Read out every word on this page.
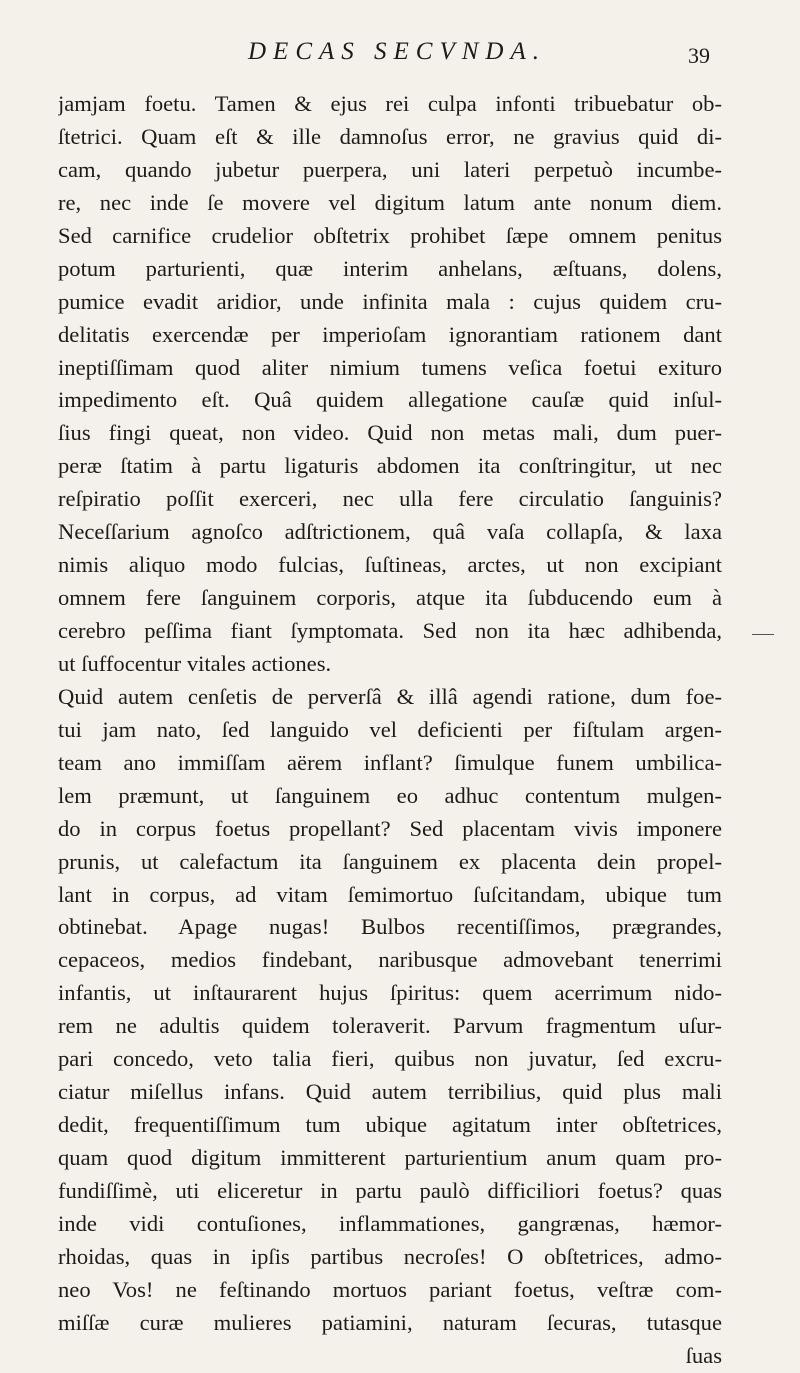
DECAS SECVNDA.	39
jamjam foetu. Tamen & ejus rei culpa infonti tribuebatur ob-
ſtetrici. Quam eſt & ille damnoſus error, ne gravius quid di-
cam, quando jubetur puerpera, uni lateri perpetuò incumbe-
re, nec inde ſe movere vel digitum latum ante nonum diem.
Sed carnifice crudelior obſtetrix prohibet ſæpe omnem penitus
potum parturienti, quæ interim anhelans, æſtuans, dolens,
pumice evadit aridior, unde infinita mala : cujus quidem cru-
delitatis exercendæ per imperioſam ignorantiam rationem dant
ineptiſſimam quod aliter nimium tumens veſica foetui exituro
impedimento eſt. Quâ quidem allegatione cauſæ quid inſul-
ſius fingi queat, non video. Quid non metas mali, dum puer-
peræ ſtatim à partu ligaturis abdomen ita conſtringitur, ut nec
reſpiratio poſſit exerceri, nec ulla fere circulatio ſanguinis?
Neceſſarium agnoſco adſtrictionem, quâ vaſa collapſa, & laxa
nimis aliquo modo fulcias, ſuſtineas, arctes, ut non excipiant
omnem fere ſanguinem corporis, atque ita ſubducendo eum à
cerebro peſſima fiant ſymptomata. Sed non ita hæc adhibenda,
ut ſuffocentur vitales actiones.
Quid autem cenſetis de perverſâ & illâ agendi ratione, dum foe-
tui jam nato, ſed languido vel deficienti per fiſtulam argen-
team ano immiſſam aërem inflant? ſimulque funem umbilica-
lem præmunt, ut ſanguinem eo adhuc contentum mulgen-
do in corpus foetus propellant? Sed placentam vivis imponere
prunis, ut calefactum ita ſanguinem ex placenta dein propel-
lant in corpus, ad vitam ſemimortuo ſuſcitandam, ubique tum
obtinebat. Apage nugas! Bulbos recentiſſimos, prægrandes,
cepaceos, medios findebant, naribusque admovebant tenerrimi
infantis, ut inſtaurarent hujus ſpiritus: quem acerrimum nido-
rem ne adultis quidem toleraverit. Parvum fragmentum uſur-
pari concedo, veto talia fieri, quibus non juvatur, ſed excru-
ciatur miſellus infans. Quid autem terribilius, quid plus mali
dedit, frequentiſſimum tum ubique agitatum inter obſtetrices,
quam quod digitum immitterent parturientium anum quam pro-
fundiſſimè, uti eliceretur in partu paulò difficiliori foetus? quas
inde vidi contuſiones, inflammationes, gangrænas, hæmor-
rhoidas, quas in ipſis partibus necroſes! O obſtetrices, admo-
neo Vos! ne feſtinando mortuos pariant foetus, veſtræ com-
miſſæ curæ mulieres patiamini, naturam ſecuras, tutasque
ſuas
